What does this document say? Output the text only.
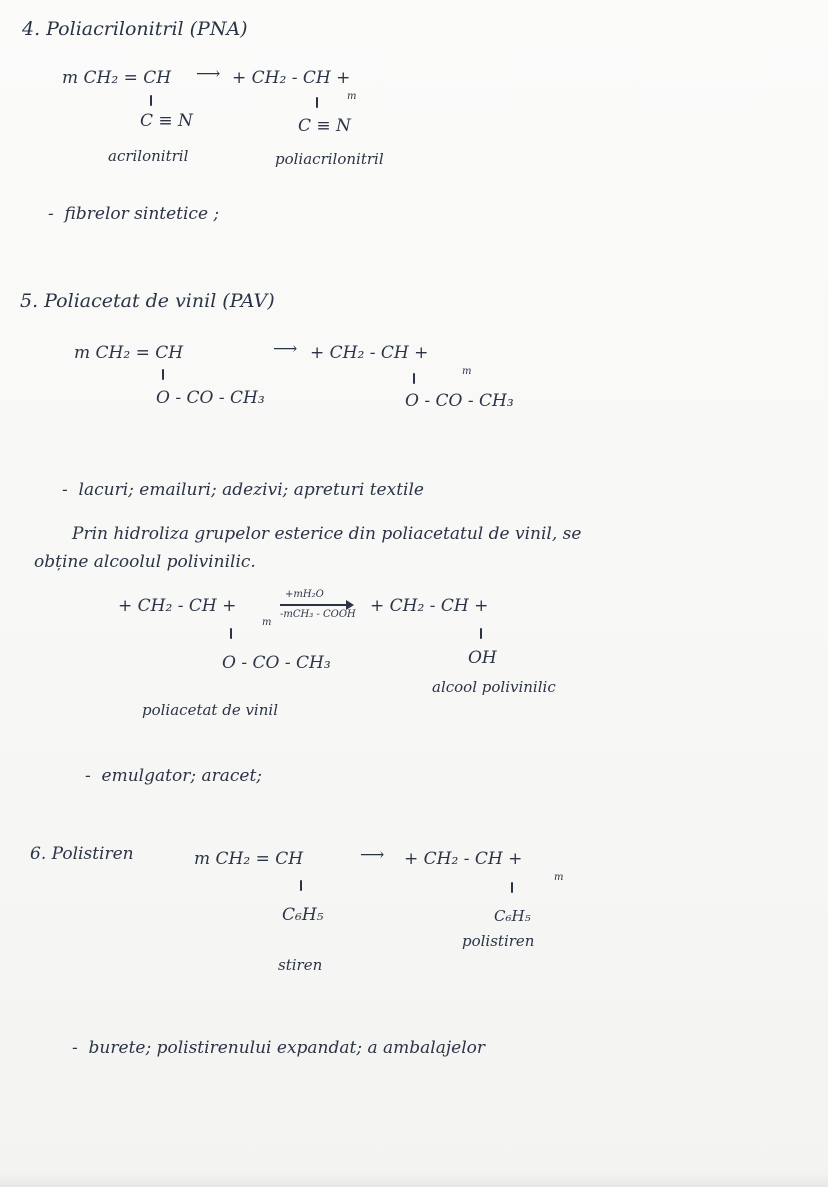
4. Poliacrilonitril (PNA)
m CH₂ = CH ⟶ + CH₂ - CH +
m
C ≡ N	C ≡ N
acrilonitril	poliacrilonitril
-  fibrelor sintetice ;
5. Poliacetat de vinil (PAV)
m CH₂ = CH	⟶ + CH₂ - CH +
m
O - CO - CH₃	O - CO - CH₃
-  lacuri; emailuri; adezivi; apreturi textile
Prin hidroliza grupelor esterice din poliacetatul de vinil, se
obține alcoolul polivinilic.
+ CH₂ - CH +
m
+mH₂O
-mCH₃ - COOH + CH₂ - CH +
O - CO - CH₃	OH
poliacetat de vinil
alcool polivinilic
-  emulgator; aracet;
6. Polistiren	m CH₂ = CH	⟶ + CH₂ - CH +
m
C₆H₅	C₆H₅
stiren
polistiren
-  burete; polistirenului expandat; a ambalajelor
